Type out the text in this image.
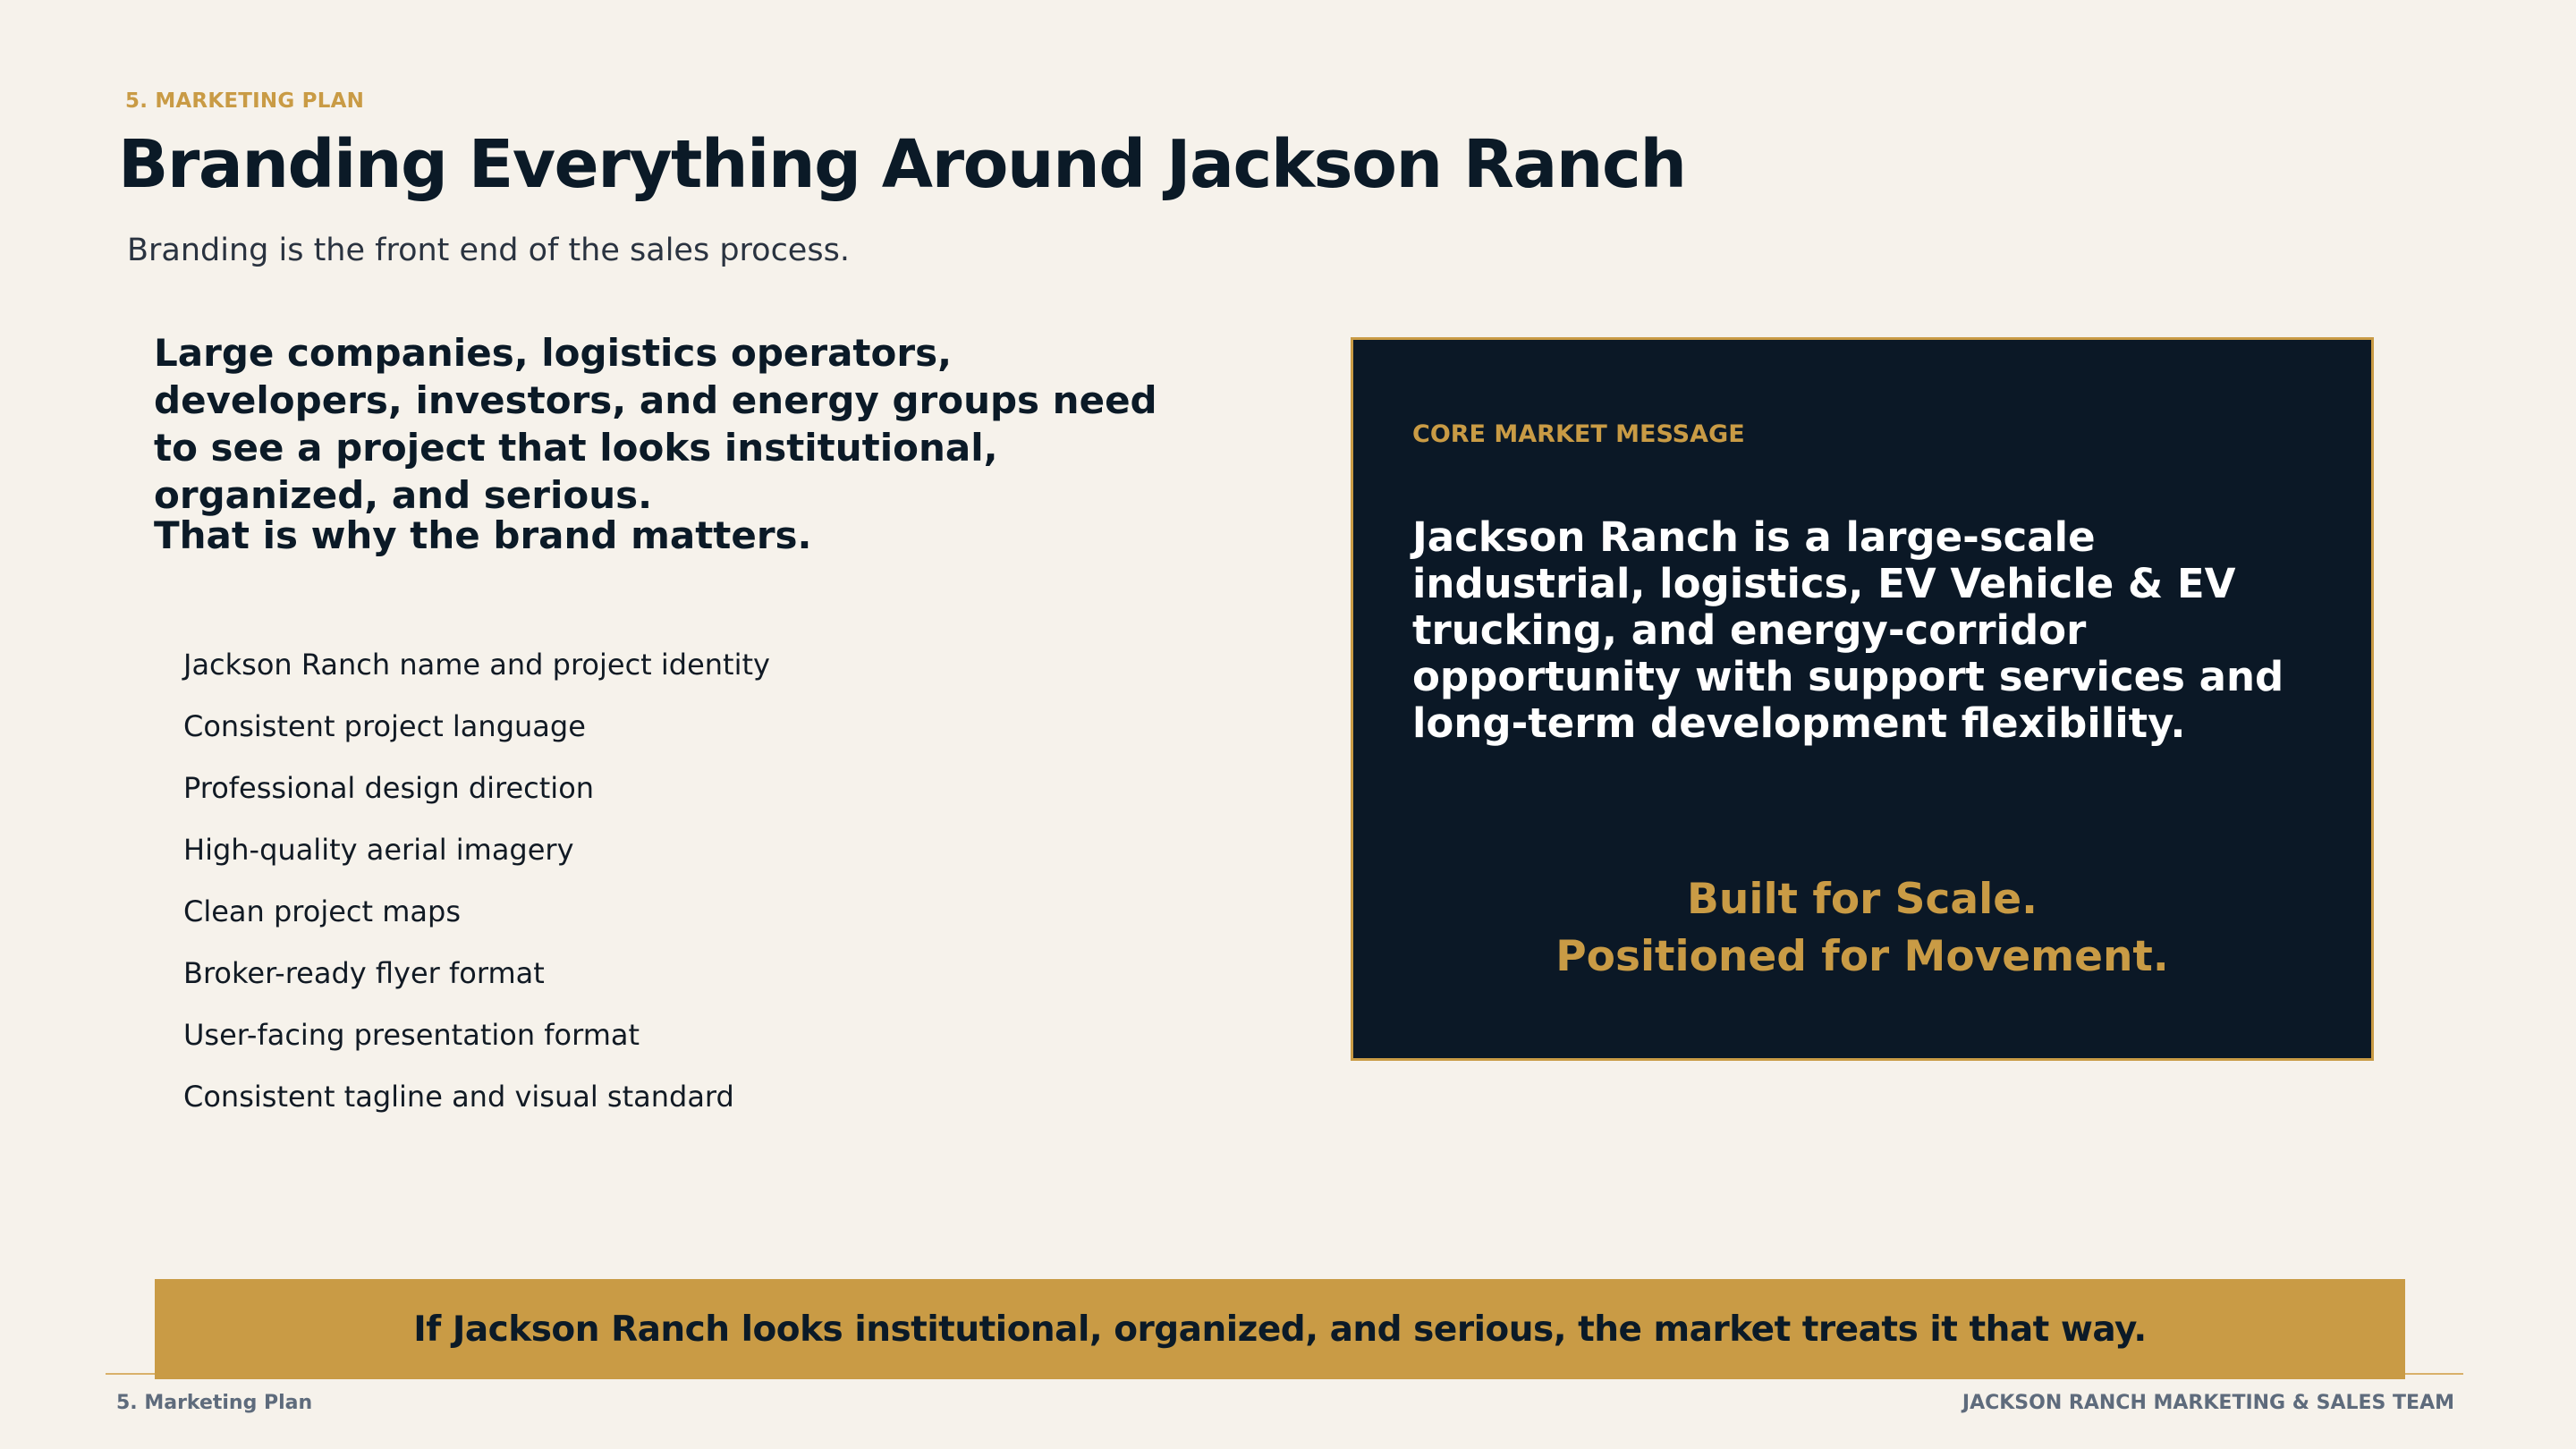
5. MARKETING PLAN
Branding Everything Around Jackson Ranch
Branding is the front end of the sales process.
Large companies, logistics operators, developers, investors, and energy groups need to see a project that looks institutional, organized, and serious.
That is why the brand matters.
Jackson Ranch name and project identity
Consistent project language
Professional design direction
High-quality aerial imagery
Clean project maps
Broker-ready flyer format
User-facing presentation format
Consistent tagline and visual standard
CORE MARKET MESSAGE
Jackson Ranch is a large-scale industrial, logistics, EV Vehicle & EV trucking, and energy-corridor opportunity with support services and long-term development flexibility.
Built for Scale.
Positioned for Movement.
If Jackson Ranch looks institutional, organized, and serious, the market treats it that way.
5. Marketing Plan	JACKSON RANCH MARKETING & SALES TEAM
